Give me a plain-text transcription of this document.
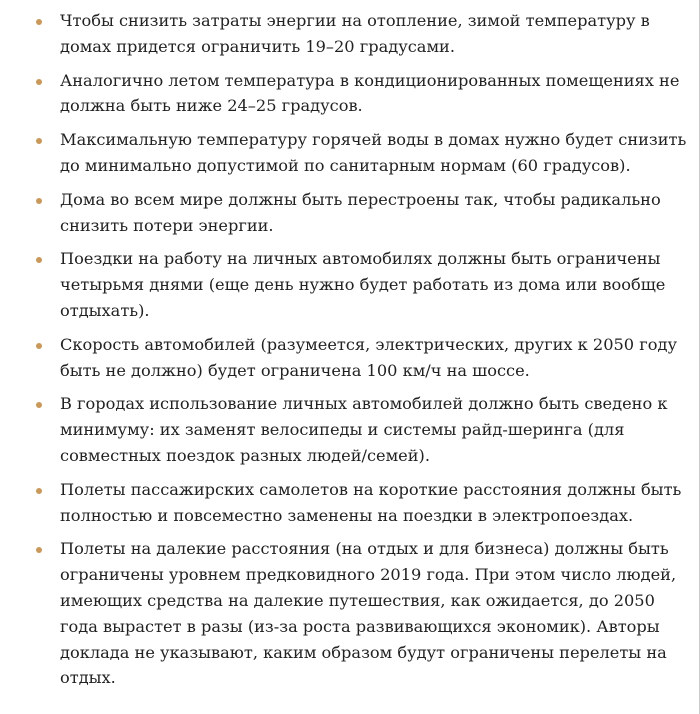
Чтобы снизить затраты энергии на отопление, зимой температуру в домах придется ограничить 19–20 градусами.
Аналогично летом температура в кондиционированных помещениях не должна быть ниже 24–25 градусов.
Максимальную температуру горячей воды в домах нужно будет снизить до минимально допустимой по санитарным нормам (60 градусов).
Дома во всем мире должны быть перестроены так, чтобы радикально снизить потери энергии.
Поездки на работу на личных автомобилях должны быть ограничены четырьмя днями (еще день нужно будет работать из дома или вообще отдыхать).
Скорость автомобилей (разумеется, электрических, других к 2050 году быть не должно) будет ограничена 100 км/ч на шоссе.
В городах использование личных автомобилей должно быть сведено к минимуму: их заменят велосипеды и системы райд-шеринга (для совместных поездок разных людей/семей).
Полеты пассажирских самолетов на короткие расстояния должны быть полностью и повсеместно заменены на поездки в электропоездах.
Полеты на далекие расстояния (на отдых и для бизнеса) должны быть ограничены уровнем предковидного 2019 года. При этом число людей, имеющих средства на далекие путешествия, как ожидается, до 2050 года вырастет в разы (из-за роста развивающихся экономик). Авторы доклада не указывают, каким образом будут ограничены перелеты на отдых.
